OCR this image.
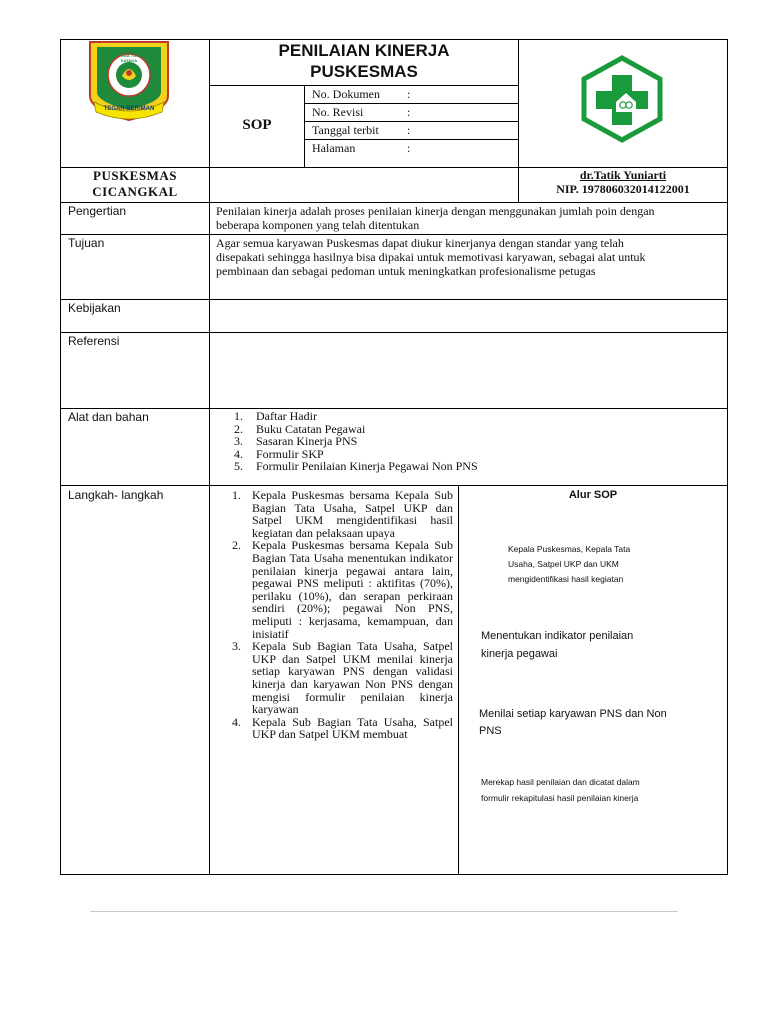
PRAYOGA TOHAGA SAYAGA
TEGAR BERIMAN
PENILAIAN KINERJA
PUSKESMAS
SOP
No. Dokumen :
No. Revisi	:
Tanggal terbit :
Halaman	:
PUSKESMAS
CICANGKAL
dr.Tatik Yuniarti
NIP. 197806032014122001
Pengertian	Penilaian kinerja adalah proses penilaian kinerja dengan menggunakan jumlah poin dengan
beberapa komponen yang telah ditentukan
Tujuan	Agar semua karyawan Puskesmas dapat diukur kinerjanya dengan standar yang telah
disepakati sehingga hasilnya bisa dipakai untuk memotivasi karyawan, sebagai alat untuk
pembinaan dan sebagai pedoman untuk meningkatkan profesionalisme petugas
Kebijakan
Referensi
Alat dan bahan	1. Daftar Hadir
2. Buku Catatan Pegawai
3. Sasaran Kinerja PNS
4. Formulir SKP
5. Formulir Penilaian Kinerja Pegawai Non PNS
Langkah- langkah	1. Kepala Puskesmas bersama Kepala Sub Bagian Tata Usaha, Satpel UKP dan Satpel UKM mengidentifikasi hasil kegiatan dan pelaksaan upaya
2. Kepala Puskesmas bersama Kepala Sub Bagian Tata Usaha menentukan indikator penilaian kinerja pegawai antara lain, pegawai PNS meliputi : aktifitas (70%), perilaku (10%), dan serapan perkiraan sendiri (20%); pegawai Non PNS, meliputi : kerjasama, kemampuan, dan inisiatif
3. Kepala Sub Bagian Tata Usaha, Satpel UKP dan Satpel UKM menilai kinerja setiap karyawan PNS dengan validasi kinerja dan karyawan Non PNS dengan mengisi formulir penilaian kinerja karyawan
4. Kepala Sub Bagian Tata Usaha, Satpel UKP dan Satpel UKM membuat
Alur SOP
Kepala Puskesmas, Kepala Tata
Usaha, Satpel UKP dan UKM
mengidentifikasi hasil kegiatan
Menentukan indikator penilaian
kinerja pegawai
Menilai setiap karyawan PNS dan Non
PNS
Merekap hasil penilaian dan dicatat dalam
formulir rekapitulasi hasil penilaian kinerja
